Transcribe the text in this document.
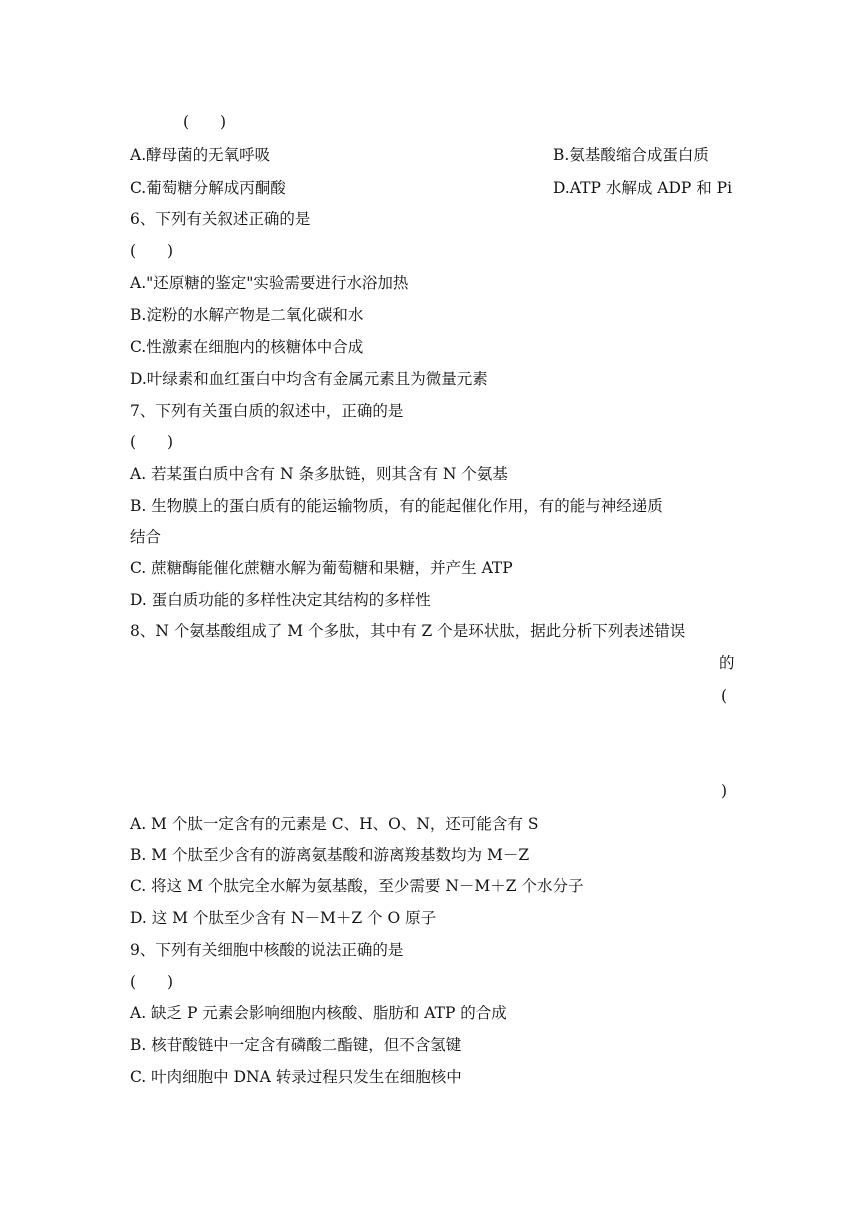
(　　)
A.酵母菌的无氧呼吸	B.氨基酸缩合成蛋白质
C.葡萄糖分解成丙酮酸	D.ATP 水解成 ADP 和 Pi
6、下列有关叙述正确的是
(　　)
A."还原糖的鉴定"实验需要进行水浴加热
B.淀粉的水解产物是二氧化碳和水
C.性激素在细胞内的核糖体中合成
D.叶绿素和血红蛋白中均含有金属元素且为微量元素
7、下列有关蛋白质的叙述中，正确的是
(　　)
A. 若某蛋白质中含有 N 条多肽链，则其含有 N 个氨基
B. 生物膜上的蛋白质有的能运输物质，有的能起催化作用，有的能与神经递质
结合
C. 蔗糖酶能催化蔗糖水解为葡萄糖和果糖，并产生 ATP
D. 蛋白质功能的多样性决定其结构的多样性
8、N 个氨基酸组成了 M 个多肽，其中有 Z 个是环状肽，据此分析下列表述错误
的
(
)
A. M 个肽一定含有的元素是 C、H、O、N，还可能含有 S
B. M 个肽至少含有的游离氨基酸和游离羧基数均为 M－Z
C. 将这 M 个肽完全水解为氨基酸，至少需要 N－M＋Z 个水分子
D. 这 M 个肽至少含有 N－M＋Z 个 O 原子
9、下列有关细胞中核酸的说法正确的是
(　　)
A. 缺乏 P 元素会影响细胞内核酸、脂肪和 ATP 的合成
B. 核苷酸链中一定含有磷酸二酯键，但不含氢键
C. 叶肉细胞中 DNA 转录过程只发生在细胞核中
